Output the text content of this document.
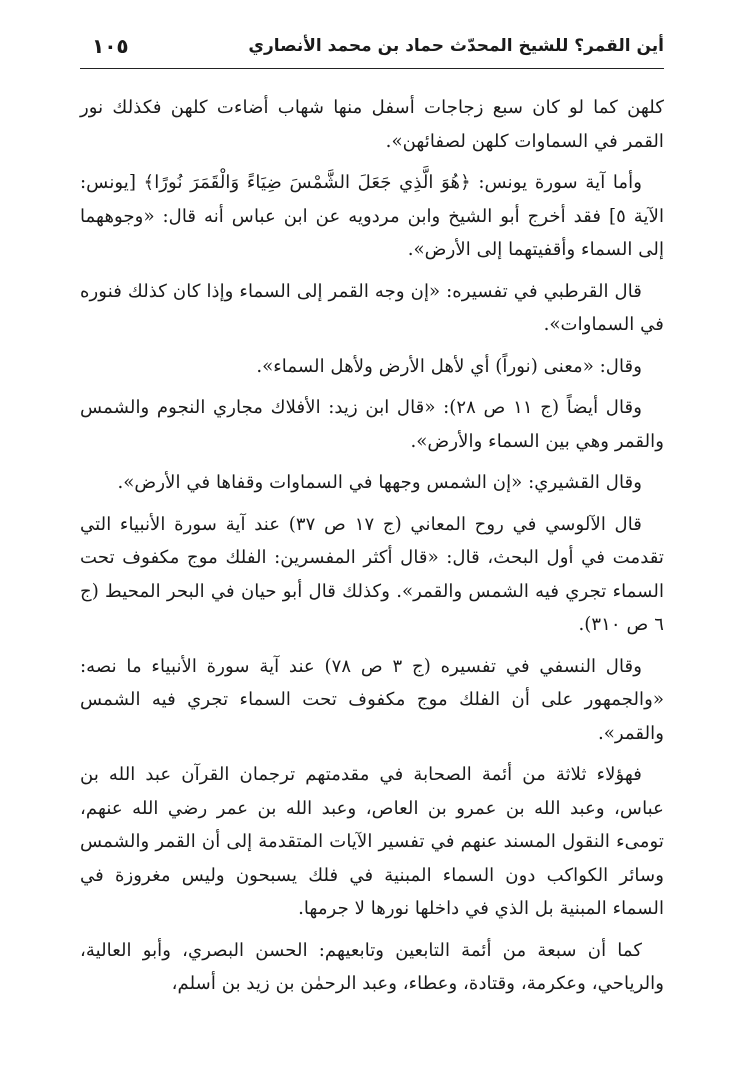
أين القمر؟ للشيخ المحدّث حماد بن محمد الأنصاري
١٠٥

كلهن كما لو كان سبع زجاجات أسفل منها شهاب أضاءت كلهن فكذلك نور القمر في السماوات كلهن لصفائهن».

وأما آية سورة يونس: ﴿هُوَ الَّذِي جَعَلَ الشَّمْسَ ضِيَاءً وَالْقَمَرَ نُورًا﴾ [يونس: الآية ٥] فقد أخرج أبو الشيخ وابن مردويه عن ابن عباس أنه قال: «وجوههما إلى السماء وأقفيتهما إلى الأرض».

قال القرطبي في تفسيره: «إن وجه القمر إلى السماء وإذا كان كذلك فنوره في السماوات».

وقال: «معنى (نوراً) أي لأهل الأرض ولأهل السماء».

وقال أيضاً (ج ١١ ص ٢٨): «قال ابن زيد: الأفلاك مجاري النجوم والشمس والقمر وهي بين السماء والأرض».

وقال القشيري: «إن الشمس وجهها في السماوات وقفاها في الأرض».

قال الآلوسي في روح المعاني (ج ١٧ ص ٣٧) عند آية سورة الأنبياء التي تقدمت في أول البحث، قال: «قال أكثر المفسرين: الفلك موج مكفوف تحت السماء تجري فيه الشمس والقمر». وكذلك قال أبو حيان في البحر المحيط (ج ٦ ص ٣١٠).

وقال النسفي في تفسيره (ج ٣ ص ٧٨) عند آية سورة الأنبياء ما نصه: «والجمهور على أن الفلك موج مكفوف تحت السماء تجري فيه الشمس والقمر».

فهؤلاء ثلاثة من أئمة الصحابة في مقدمتهم ترجمان القرآن عبد الله بن عباس، وعبد الله بن عمرو بن العاص، وعبد الله بن عمر رضي الله عنهم، تومىء النقول المسند عنهم في تفسير الآيات المتقدمة إلى أن القمر والشمس وسائر الكواكب دون السماء المبنية في فلك يسبحون وليس مغروزة في السماء المبنية بل الذي في داخلها نورها لا جرمها.

كما أن سبعة من أئمة التابعين وتابعيهم: الحسن البصري، وأبو العالية، والرياحي، وعكرمة، وقتادة، وعطاء، وعبد الرحمٰن بن زيد بن أسلم،
